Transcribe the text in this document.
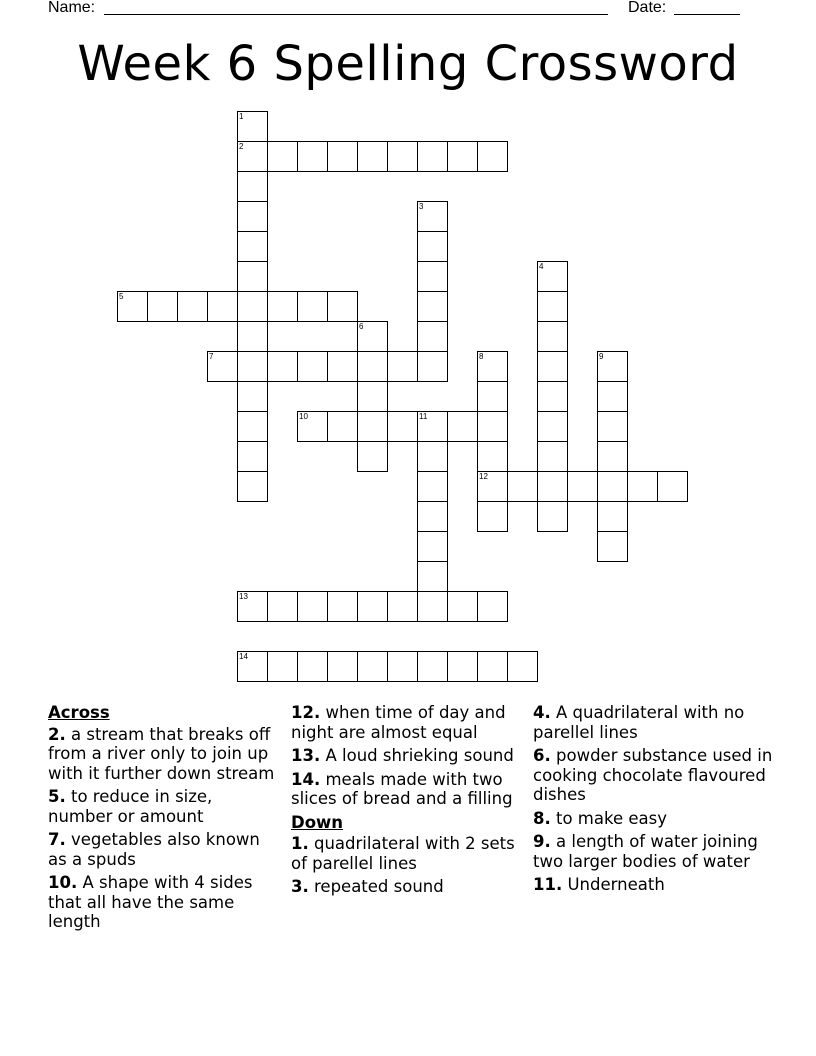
Name:	Date:
Week 6 Spelling Crossword
1
2
3
4
5
6
7	8
12
9
10	11
13
14
Across
2. a stream that breaks off from a river only to join up with it further down stream
5. to reduce in size, number or amount
7. vegetables also known as a spuds
10. A shape with 4 sides that all have the same length
12. when time of day and night are almost equal
13. A loud shrieking sound
14. meals made with two slices of bread and a filling
Down
1. quadrilateral with 2 sets of parellel lines
3. repeated sound
4. A quadrilateral with no parellel lines
6. powder substance used in cooking chocolate flavoured dishes
8. to make easy
9. a length of water joining two larger bodies of water
11. Underneath
